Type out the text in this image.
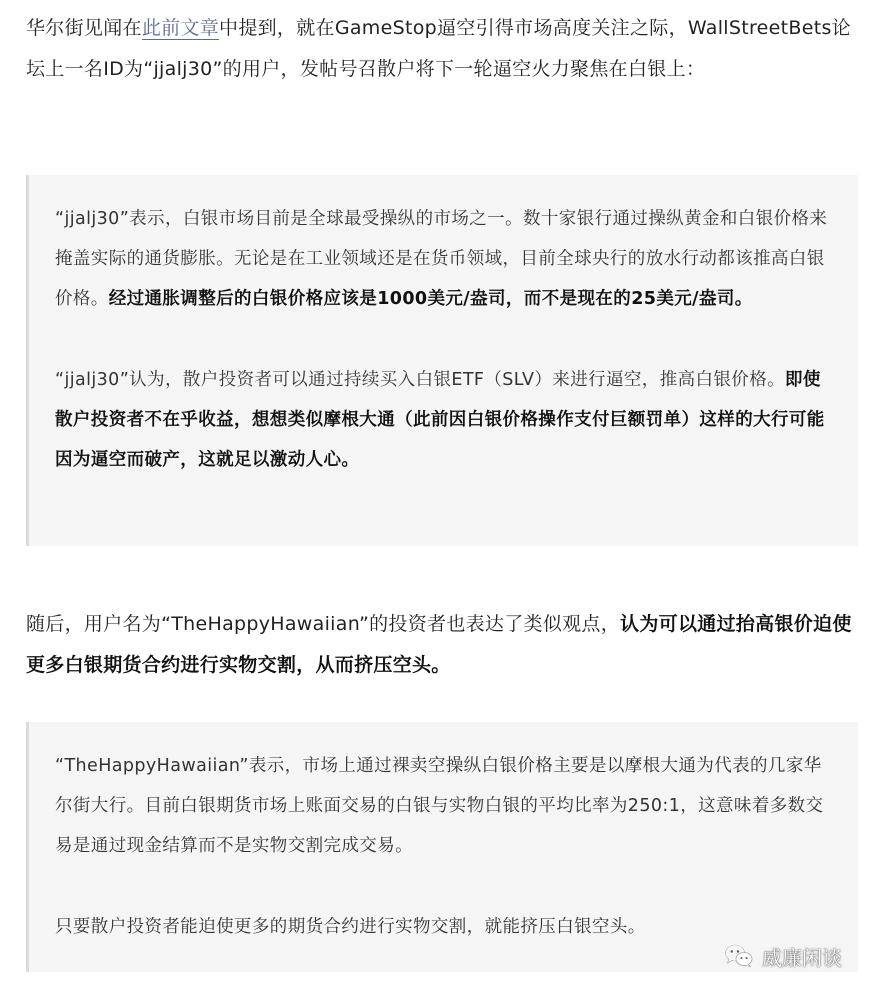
华尔街见闻在此前文章中提到，就在GameStop逼空引得市场高度关注之际，WallStreetBets论坛上一名ID为“jjalj30”的用户，发帖号召散户将下一轮逼空火力聚焦在白银上：

“jjalj30”表示，白银市场目前是全球最受操纵的市场之一。数十家银行通过操纵黄金和白银价格来掩盖实际的通货膨胀。无论是在工业领域还是在货币领域，目前全球央行的放水行动都该推高白银价格。经过通胀调整后的白银价格应该是1000美元/盎司，而不是现在的25美元/盎司。

“jjalj30”认为，散户投资者可以通过持续买入白银ETF（SLV）来进行逼空，推高白银价格。即使散户投资者不在乎收益，想想类似摩根大通（此前因白银价格操作支付巨额罚单）这样的大行可能因为逼空而破产，这就足以激动人心。

随后，用户名为“TheHappyHawaiian”的投资者也表达了类似观点，认为可以通过抬高银价迫使更多白银期货合约进行实物交割，从而挤压空头。

“TheHappyHawaiian”表示，市场上通过裸卖空操纵白银价格主要是以摩根大通为代表的几家华尔街大行。目前白银期货市场上账面交易的白银与实物白银的平均比率为250:1，这意味着多数交易是通过现金结算而不是实物交割完成交易。

只要散户投资者能迫使更多的期货合约进行实物交割，就能挤压白银空头。

威廉闲谈
